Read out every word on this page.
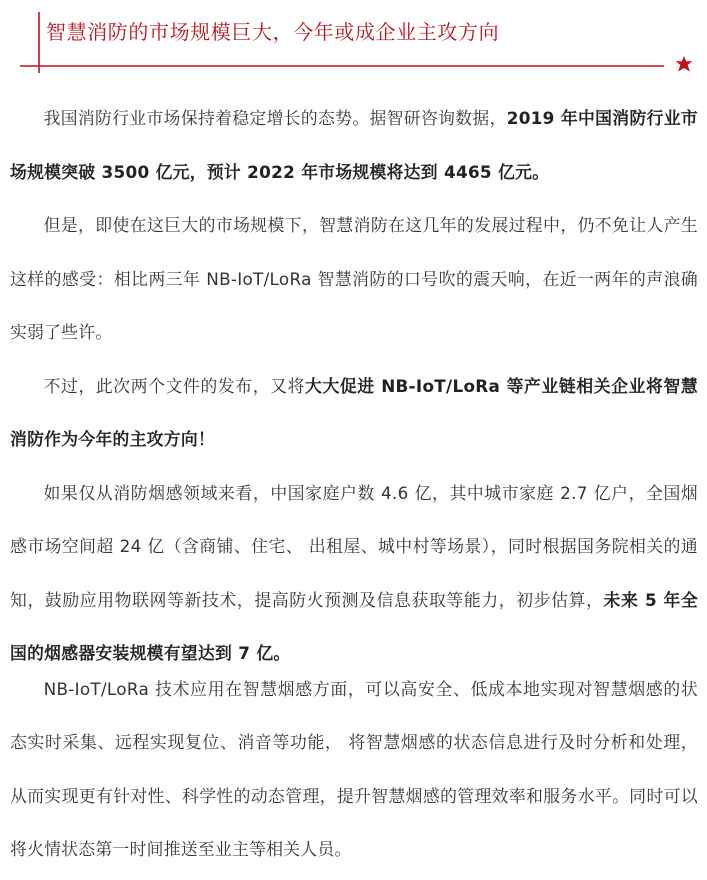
智慧消防的市场规模巨大，今年或成企业主攻方向

我国消防行业市场保持着稳定增长的态势。据智研咨询数据，2019 年中国消防行业市场规模突破 3500 亿元，预计 2022 年市场规模将达到 4465 亿元。

但是，即使在这巨大的市场规模下，智慧消防在这几年的发展过程中，仍不免让人产生这样的感受：相比两三年 NB-IoT/LoRa 智慧消防的口号吹的震天响，在近一两年的声浪确实弱了些许。

不过，此次两个文件的发布，又将大大促进 NB-IoT/LoRa 等产业链相关企业将智慧消防作为今年的主攻方向！

如果仅从消防烟感领域来看，中国家庭户数 4.6 亿，其中城市家庭 2.7 亿户，全国烟感市场空间超 24 亿（含商铺、住宅、 出租屋、城中村等场景），同时根据国务院相关的通知，鼓励应用物联网等新技术，提高防火预测及信息获取等能力，初步估算，未来 5 年全国的烟感器安装规模有望达到 7 亿。

NB-IoT/LoRa 技术应用在智慧烟感方面，可以高安全、低成本地实现对智慧烟感的状态实时采集、远程实现复位、消音等功能， 将智慧烟感的状态信息进行及时分析和处理，从而实现更有针对性、科学性的动态管理，提升智慧烟感的管理效率和服务水平。同时可以将火情状态第一时间推送至业主等相关人员。
